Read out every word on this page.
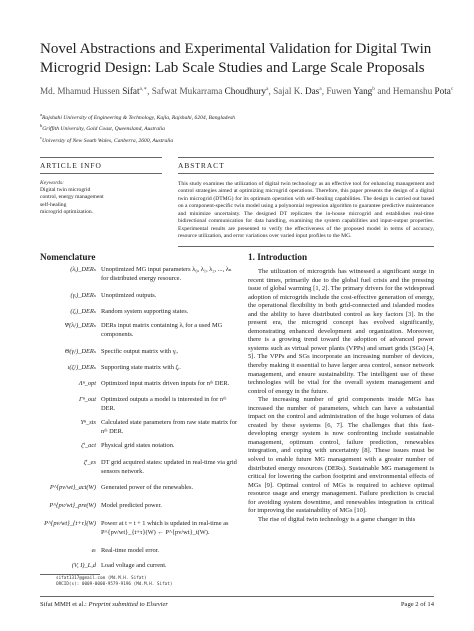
Novel Abstractions and Experimental Validation for Digital Twin Microgrid Design: Lab Scale Studies and Large Scale Proposals
Md. Mhamud Hussen Sifat$^{a,∗}$, Safwat Mukarrama Choudhury$^a$, Sajal K. Das$^a$, Fuwen Yang$^b$ and Hemanshu Pota$^c$
$^a$Rajshahi University of Engineering & Technology, Kajla, Rajshahi, 6204, Bangladesh
$^b$Griffith University, Gold Coast, Queensland, Australia
$^c$University of New South Wales, Canberra, 2600, Australia
ARTICLE INFO
Keywords:
Digital twin microgrid
control, energy management
self-healing
microgrid optimization.
ABSTRACT
This study examines the utilization of digital twin technology as an effective tool for enhancing management and control strategies aimed at optimizing microgrid operations. Therefore, this paper presents the design of a digital twin microgrid (DTMG) for its optimum operation with self-healing capabilities. The design is carried out based on a component-specific twin model using a polynomial regression algorithm to guarantee predictive maintenance and minimize uncertainty. The designed DT replicates the in-house microgrid and establishes real-time bidirectional communication for data handling, examining the system capabilities and input-output properties. Experimental results are presented to verify the effectiveness of the proposed model in terms of accuracy, resource utilization, and error variations over varied input profiles to the MG.
Nomenclature
(λᵢ)_DERₛ Unoptimized MG input parameters λ₀, λ₁, λ₂, ..., λₙ for distributed energy resource.
(γᵢ)_DERₛ Unoptimized outputs.
(ζᵢ)_DERₛ Random system supporting states.
Ψ(λᵢʲ)_DERₛ DERs input matrix containing λᵢ for a used MG components.
Θ(γᵢʲ)_DERₛ Specific output matrix with γᵢ.
ι(ζᵢʲ)_DERₛ Supporting state matrix with ζᵢ.
Λⁿ_opt Optimized input matrix driven inputs for nᵗʰ DER.
Γⁿ_out Optimized outputs a model is interested in for nᵗʰ DER.
Υⁿ_sts Calculated state parameters from raw state matrix for nᵗʰ DER.
ζⁱ_act Physical grid states notation.
ζⁱ_es DT grid acquired states: updated in real-time via grid sensors network.
P^{pv/wt}_act(W) Generated power of the renewables.
P^{pv/wt}_pre(W) Model predicted power.
P^{pv/wt}_{t+τ}(W) Power at t = t + 1 which is updated in real-time as P^{pv/wt}_{t+τ}(W) ← P^{pv/wt}_t(W).
eₜ Real-time model error.
(V, I)_L,d Load voltage and current.
sifat1317@gmail.com (Md.M.H. Sifat)
ORCID(s): 0009-0000-9579-9196 (Md.M.H. Sifat)
1. Introduction

The utilization of microgrids has witnessed a significant surge in recent times, primarily due to the global fuel crisis and the pressing issue of global warming [1, 2]. The primary drivers for the widespread adoption of microgrids include the cost-effective generation of energy, the operational flexibility in both grid-connected and islanded modes and the ability to have distributed control as key factors [3]. In the present era, the microgrid concept has evolved significantly, demonstrating enhanced development and organization. Moreover, there is a growing trend toward the adoption of advanced power systems such as virtual power plants (VPPs) and smart grids (SGs) [4, 5]. The VPPs and SGs incorporate an increasing number of devices, thereby making it essential to have larger area control, sensor network management, and ensure sustainability. The intelligent use of these technologies will be vital for the overall system management and control of energy in the future.

The increasing number of grid components inside MGs has increased the number of parameters, which can have a substantial impact on the control and administration of the huge volumes of data created by these systems [6, 7]. The challenges that this fast-developing energy system is now confronting include sustainable management, optimum control, failure prediction, renewables integration, and coping with uncertainty [8]. These issues must be solved to enable future MG management with a greater number of distributed energy resources (DERs). Sustainable MG management is critical for lowering the carbon footprint and environmental effects of MGs [9]. Optimal control of MGs is required to achieve optimal resource usage and energy management. Failure prediction is crucial for avoiding system downtime, and renewables integration is critical for improving the sustainability of MGs [10].

The rise of digital twin technology is a game changer in this

Sifat MMH et al.: Preprint submitted to Elsevier	Page 2 of 14
